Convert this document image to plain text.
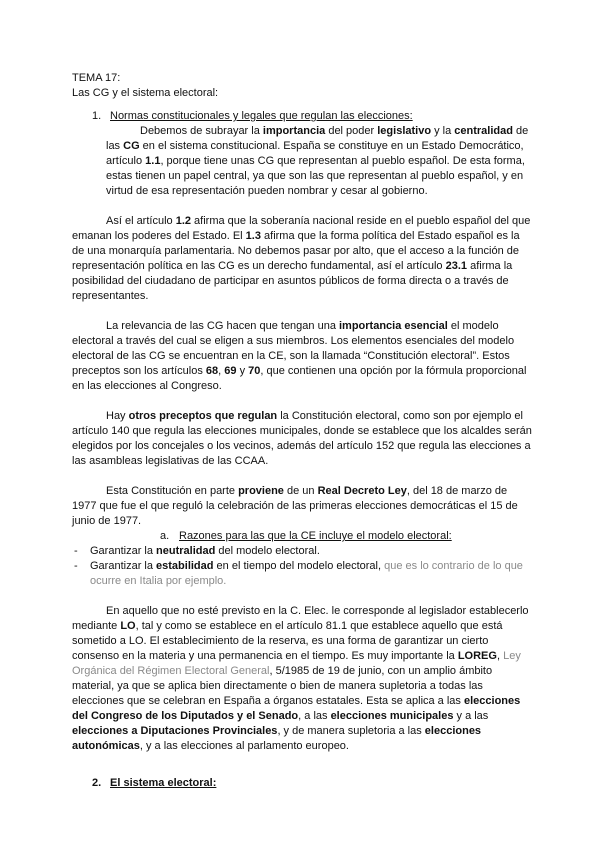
TEMA 17:
Las CG y el sistema electoral:
1. Normas constitucionales y legales que regulan las elecciones:

Debemos de subrayar la importancia del poder legislativo y la centralidad de las CG en el sistema constitucional. España se constituye en un Estado Democrático, artículo 1.1, porque tiene unas CG que representan al pueblo español. De esta forma, estas tienen un papel central, ya que son las que representan al pueblo español, y en virtud de esa representación pueden nombrar y cesar al gobierno.

Así el artículo 1.2 afirma que la soberanía nacional reside en el pueblo español del que emanan los poderes del Estado. El 1.3 afirma que la forma política del Estado español es la de una monarquía parlamentaria. No debemos pasar por alto, que el acceso a la función de representación política en las CG es un derecho fundamental, así el artículo 23.1 afirma la posibilidad del ciudadano de participar en asuntos públicos de forma directa o a través de representantes.

La relevancia de las CG hacen que tengan una importancia esencial el modelo electoral a través del cual se eligen a sus miembros. Los elementos esenciales del modelo electoral de las CG se encuentran en la CE, son la llamada “Constitución electoral”. Estos preceptos son los artículos 68, 69 y 70, que contienen una opción por la fórmula proporcional en las elecciones al Congreso.

Hay otros preceptos que regulan la Constitución electoral, como son por ejemplo el artículo 140 que regula las elecciones municipales, donde se establece que los alcaldes serán elegidos por los concejales o los vecinos, además del artículo 152 que regula las elecciones a las asambleas legislativas de las CCAA.

Esta Constitución en parte proviene de un Real Decreto Ley, del 18 de marzo de 1977 que fue el que reguló la celebración de las primeras elecciones democráticas el 15 de junio de 1977.

a. Razones para las que la CE incluye el modelo electoral:
- Garantizar la neutralidad del modelo electoral.
- Garantizar la estabilidad en el tiempo del modelo electoral, que es lo contrario de lo que ocurre en Italia por ejemplo.

En aquello que no esté previsto en la C. Elec. le corresponde al legislador establecerlo mediante LO, tal y como se establece en el artículo 81.1 que establece aquello que está sometido a LO. El establecimiento de la reserva, es una forma de garantizar un cierto consenso en la materia y una permanencia en el tiempo. Es muy importante la LOREG, Ley Orgánica del Régimen Electoral General, 5/1985 de 19 de junio, con un amplio ámbito material, ya que se aplica bien directamente o bien de manera supletoria a todas las elecciones que se celebran en España a órganos estatales. Esta se aplica a las elecciones del Congreso de los Diputados y el Senado, a las elecciones municipales y a las elecciones a Diputaciones Provinciales, y de manera supletoria a las elecciones autonómicas, y a las elecciones al parlamento europeo.

2. El sistema electoral:
